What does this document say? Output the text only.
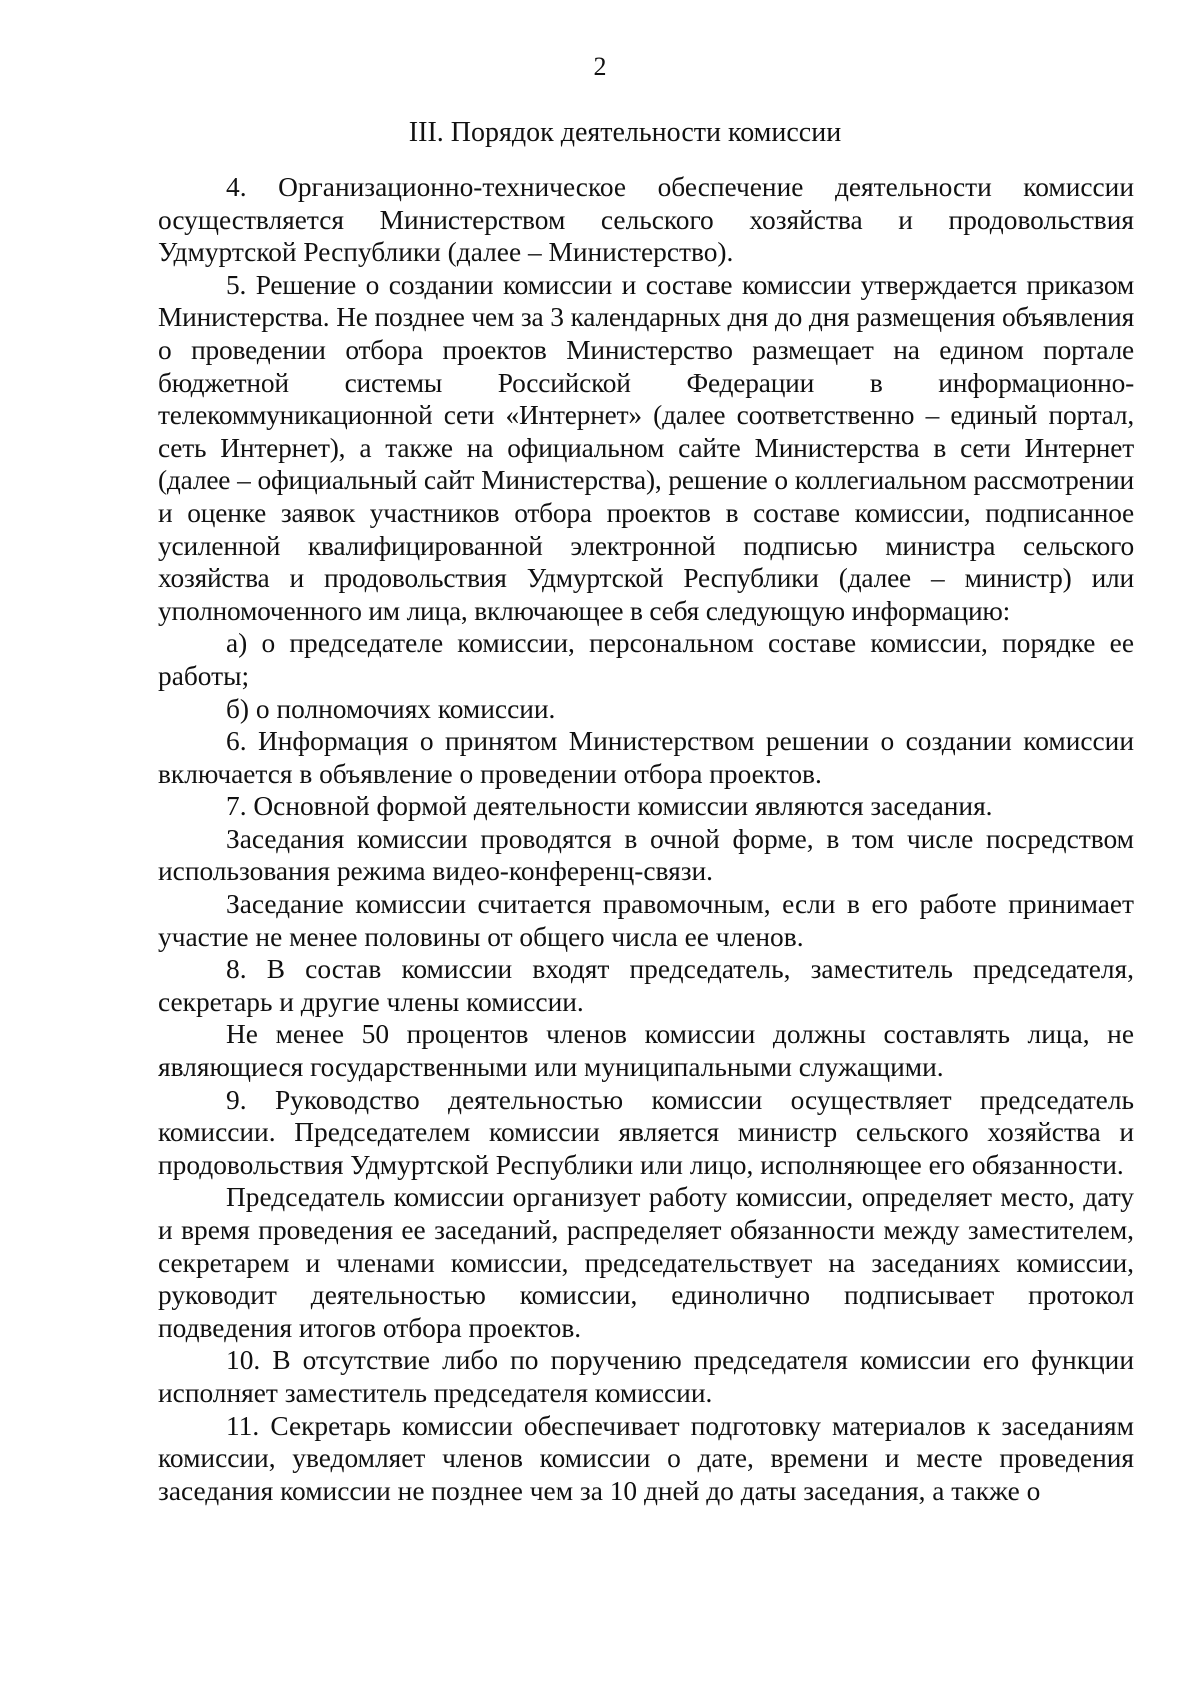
2
III. Порядок деятельности комиссии

4. Организационно-техническое обеспечение деятельности комиссии осуществляется Министерством сельского хозяйства и продовольствия Удмуртской Республики (далее – Министерство).

5. Решение о создании комиссии и составе комиссии утверждается приказом Министерства. Не позднее чем за 3 календарных дня до дня размещения объявления о проведении отбора проектов Министерство размещает на едином портале бюджетной системы Российской Федерации в информационно-телекоммуникационной сети «Интернет» (далее соответственно – единый портал, сеть Интернет), а также на официальном сайте Министерства в сети Интернет (далее – официальный сайт Министерства), решение о коллегиальном рассмотрении и оценке заявок участников отбора проектов в составе комиссии, подписанное усиленной квалифицированной электронной подписью министра сельского хозяйства и продовольствия Удмуртской Республики (далее – министр) или уполномоченного им лица, включающее в себя следующую информацию:

а) о председателе комиссии, персональном составе комиссии, порядке ее работы;

б) о полномочиях комиссии.

6. Информация о принятом Министерством решении о создании комиссии включается в объявление о проведении отбора проектов.

7. Основной формой деятельности комиссии являются заседания.

Заседания комиссии проводятся в очной форме, в том числе посредством использования режима видео-конференц-связи.

Заседание комиссии считается правомочным, если в его работе принимает участие не менее половины от общего числа ее членов.

8. В состав комиссии входят председатель, заместитель председателя, секретарь и другие члены комиссии.

Не менее 50 процентов членов комиссии должны составлять лица, не являющиеся государственными или муниципальными служащими.

9. Руководство деятельностью комиссии осуществляет председатель комиссии. Председателем комиссии является министр сельского хозяйства и продовольствия Удмуртской Республики или лицо, исполняющее его обязанности.

Председатель комиссии организует работу комиссии, определяет место, дату и время проведения ее заседаний, распределяет обязанности между заместителем, секретарем и членами комиссии, председательствует на заседаниях комиссии, руководит деятельностью комиссии, единолично подписывает протокол подведения итогов отбора проектов.

10. В отсутствие либо по поручению председателя комиссии его функции исполняет заместитель председателя комиссии.

11. Секретарь комиссии обеспечивает подготовку материалов к заседаниям комиссии, уведомляет членов комиссии о дате, времени и месте проведения заседания комиссии не позднее чем за 10 дней до даты заседания, а также о
